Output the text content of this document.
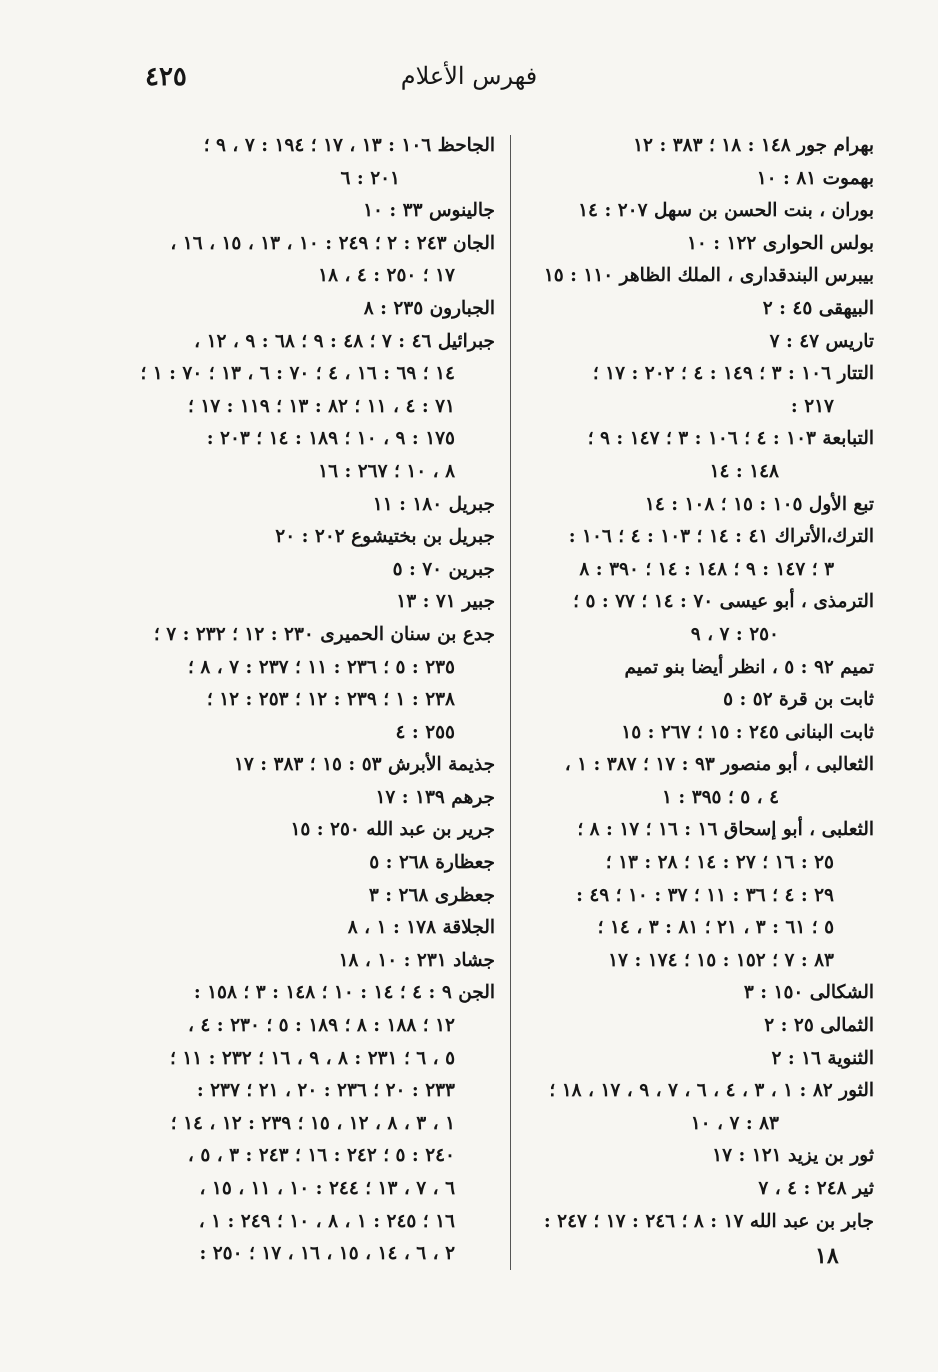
فهرس الأعلام
٤٢٥
بهرام جور ١٤٨ : ١٨ ؛ ٣٨٣ : ١٢
بهموت ٨١ : ١٠
بوران ، بنت الحسن بن سهل ٢٠٧ : ١٤
بولس الحوارى ١٢٢ : ١٠
بيبرس البندقدارى ، الملك الظاهر ١١٠ : ١٥
البيهقى ٤٥ : ٢
تاريس ٤٧ : ٧
التتار ١٠٦ : ٣ ؛ ١٤٩ : ٤ ؛ ٢٠٢ : ١٧ ؛
٢١٧ :
التبابعة ١٠٣ : ٤ ؛ ١٠٦ : ٣ ؛ ١٤٧ : ٩ ؛
١٤٨ : ١٤
تبع الأول ١٠٥ : ١٥ ؛ ١٠٨ : ١٤
الترك،الأتراك ٤١ : ١٤ ؛ ١٠٣ : ٤ ؛ ١٠٦ :
٣ ؛ ١٤٧ : ٩ ؛ ١٤٨ : ١٤ ؛ ٣٩٠ : ٨
الترمذى ، أبو عيسى ٧٠ : ١٤ ؛ ٧٧ : ٥ ؛
٢٥٠ : ٧ ، ٩
تميم ٩٢ : ٥ ، انظر أيضا بنو تميم
ثابت بن قرة ٥٢ : ٥
ثابت البنانى ٢٤٥ : ١٥ ؛ ٢٦٧ : ١٥
الثعالبى ، أبو منصور ٩٣ : ١٧ ؛ ٣٨٧ : ١ ،
٤ ، ٥ ؛ ٣٩٥ : ١
الثعلبى ، أبو إسحاق ١٦ : ١٦ ؛ ١٧ : ٨ ؛
٢٥ : ١٦ ؛ ٢٧ : ١٤ ؛ ٢٨ : ١٣ ؛
٢٩ : ٤ ؛ ٣٦ : ١١ ؛ ٣٧ : ١٠ ؛ ٤٩ :
٥ ؛ ٦١ : ٣ ، ٢١ ؛ ٨١ : ٣ ، ١٤ ؛
٨٣ : ٧ ؛ ١٥٢ : ١٥ ؛ ١٧٤ : ١٧
الشكالى ١٥٠ : ٣
الثمالى ٢٥ : ٢
الثنوية ١٦ : ٢
الثور ٨٢ : ١ ، ٣ ، ٤ ، ٦ ، ٧ ، ٩ ، ١٧ ، ١٨ ؛
٨٣ : ٧ ، ١٠
ثور بن يزيد ١٢١ : ١٧
ثير ٢٤٨ : ٤ ، ٧
جابر بن عبد الله ١٧ : ٨ ؛ ٢٤٦ : ١٧ ؛ ٢٤٧ :
الجاحظ ١٠٦ : ١٣ ، ١٧ ؛ ١٩٤ : ٧ ، ٩ ؛
٢٠١ : ٦
جالينوس ٣٣ : ١٠
الجان ٢٤٣ : ٢ ؛ ٢٤٩ : ١٠ ، ١٣ ، ١٥ ، ١٦ ،
١٧ ؛ ٢٥٠ : ٤ ، ١٨
الجبارون ٢٣٥ : ٨
جبرائيل ٤٦ : ٧ ؛ ٤٨ : ٩ ؛ ٦٨ : ٩ ، ١٢ ،
١٤ ؛ ٦٩ : ١٦ ، ٤ ؛ ٧٠ : ٦ ، ١٣ ؛ ٧٠ : ١ ؛
٧١ : ٤ ، ١١ ؛ ٨٢ : ١٣ ؛ ١١٩ : ١٧ ؛
١٧٥ : ٩ ، ١٠ ؛ ١٨٩ : ١٤ ؛ ٢٠٣ :
٨ ، ١٠ ؛ ٢٦٧ : ١٦
جبريل ١٨٠ : ١١
جبريل بن بختيشوع ٢٠٢ : ٢٠
جبرين ٧٠ : ٥
جبير ٧١ : ١٣
جدع بن سنان الحميرى ٢٣٠ : ١٢ ؛ ٢٣٢ : ٧ ؛
٢٣٥ : ٥ ؛ ٢٣٦ : ١١ ؛ ٢٣٧ : ٧ ، ٨ ؛
٢٣٨ : ١ ؛ ٢٣٩ : ١٢ ؛ ٢٥٣ : ١٢ ؛
٢٥٥ : ٤
جذيمة الأبرش ٥٣ : ١٥ ؛ ٣٨٣ : ١٧
جرهم ١٣٩ : ١٧
جرير بن عبد الله ٢٥٠ : ١٥
جعظارة ٢٦٨ : ٥
جعظرى ٢٦٨ : ٣
الجلاقة ١٧٨ : ١ ، ٨
جشاد ٢٣١ : ١٠ ، ١٨
الجن ٩ : ٤ ؛ ١٤ : ١٠ ؛ ١٤٨ : ٣ ؛ ١٥٨ :
١٢ ؛ ١٨٨ : ٨ ؛ ١٨٩ : ٥ ؛ ٢٣٠ : ٤ ،
٥ ، ٦ ؛ ٢٣١ : ٨ ، ٩ ، ١٦ ؛ ٢٣٢ : ١١ ؛
٢٣٣ : ٢٠ ؛ ٢٣٦ : ٢٠ ، ٢١ ؛ ٢٣٧ :
١ ، ٣ ، ٨ ، ١٢ ، ١٥ ؛ ٢٣٩ : ١٢ ، ١٤ ؛
٢٤٠ : ٥ ؛ ٢٤٢ : ١٦ ؛ ٢٤٣ : ٣ ، ٥ ،
٦ ، ٧ ، ١٣ ؛ ٢٤٤ : ١٠ ، ١١ ، ١٥ ،
١٦ ؛ ٢٤٥ : ١ ، ٨ ، ١٠ ؛ ٢٤٩ : ١ ،
٢ ، ٦ ، ١٤ ، ١٥ ، ١٦ ، ١٧ ؛ ٢٥٠ :	١٨
